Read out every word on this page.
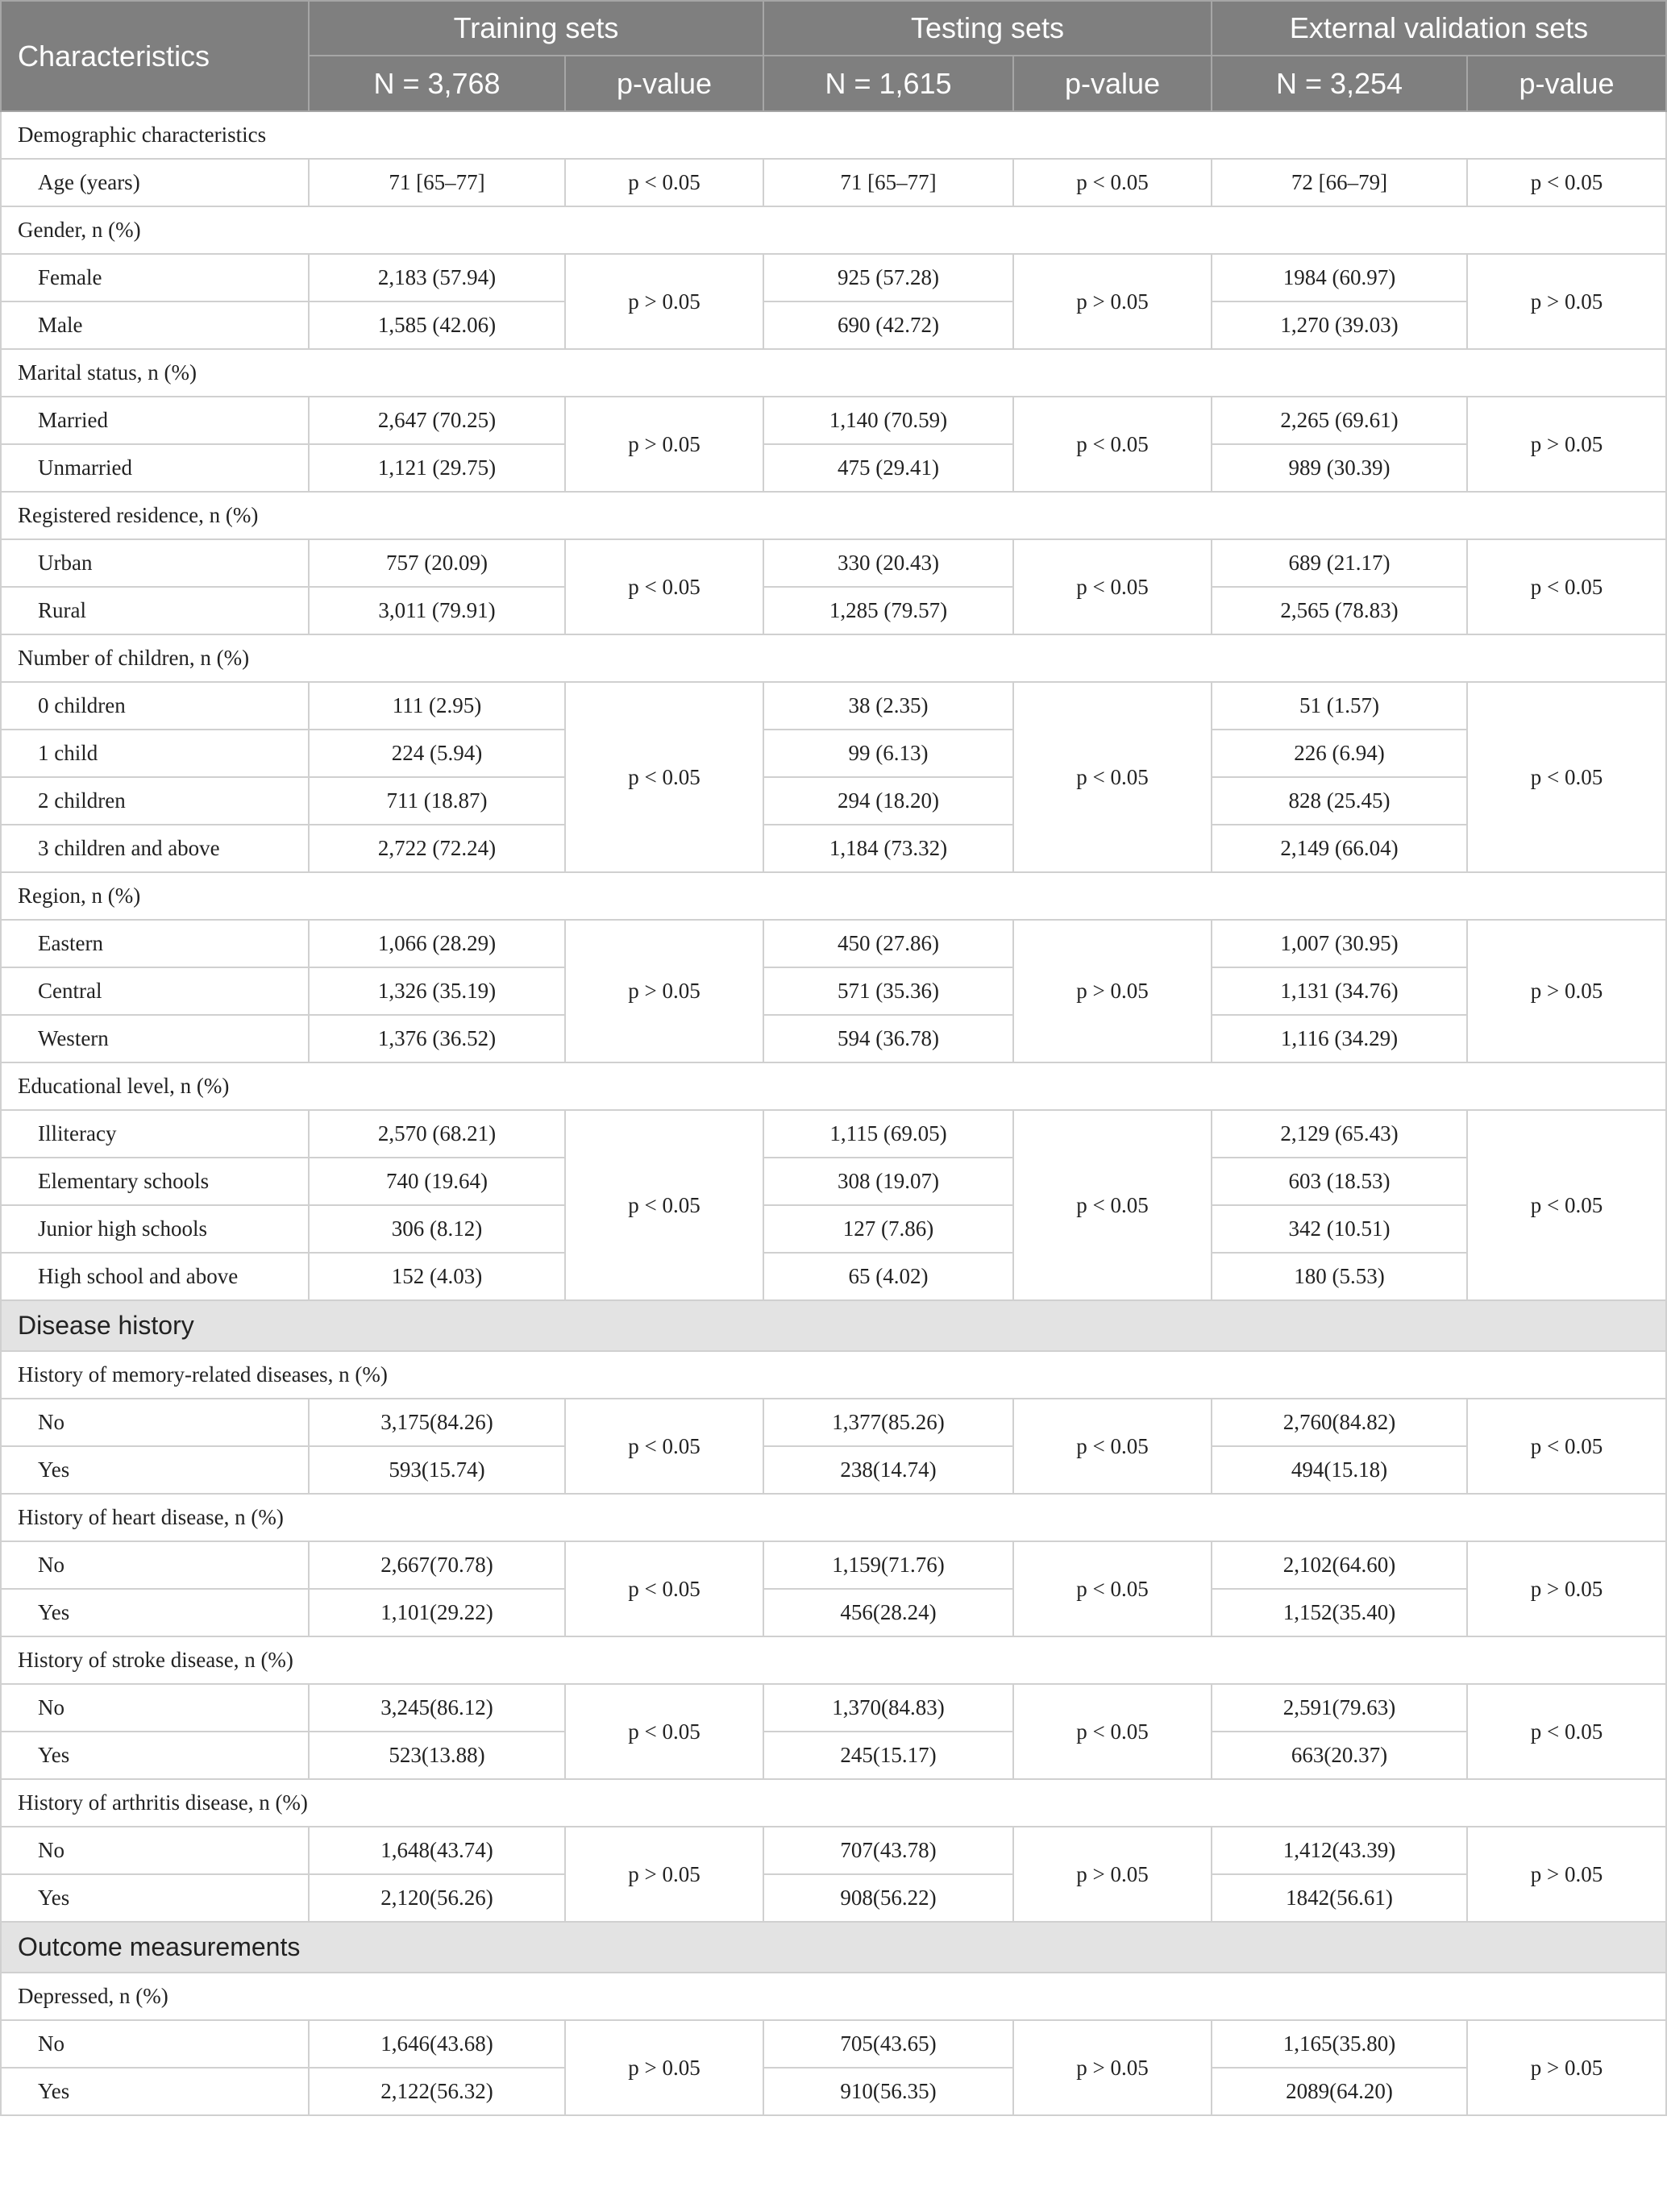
Characteristics	Training sets		Testing sets		External validation sets	
	N = 3,768	p-value	N = 1,615	p-value	N = 3,254	p-value
Demographic characteristics						
Age (years)	71 [65–77]	p < 0.05	71 [65–77]	p < 0.05	72 [66–79]	p < 0.05
Gender, n (%)						
Female	2,183 (57.94)	p > 0.05	925 (57.28)	p > 0.05	1984 (60.97)	p > 0.05
Male	1,585 (42.06)		690 (42.72)		1,270 (39.03)	
Marital status, n (%)						
Married	2,647 (70.25)	p > 0.05	1,140 (70.59)	p < 0.05	2,265 (69.61)	p > 0.05
Unmarried	1,121 (29.75)		475 (29.41)		989 (30.39)	
Registered residence, n (%)						
Urban	757 (20.09)	p < 0.05	330 (20.43)	p < 0.05	689 (21.17)	p < 0.05
Rural	3,011 (79.91)		1,285 (79.57)		2,565 (78.83)	
Number of children, n (%)						
0 children	111 (2.95)	p < 0.05	38 (2.35)	p < 0.05	51 (1.57)	p < 0.05
1 child	224 (5.94)		99 (6.13)		226 (6.94)	
2 children	711 (18.87)		294 (18.20)		828 (25.45)	
3 children and above	2,722 (72.24)		1,184 (73.32)		2,149 (66.04)	
Region, n (%)						
Eastern	1,066 (28.29)	p > 0.05	450 (27.86)	p > 0.05	1,007 (30.95)	p > 0.05
Central	1,326 (35.19)		571 (35.36)		1,131 (34.76)	
Western	1,376 (36.52)		594 (36.78)		1,116 (34.29)	
Educational level, n (%)						
Illiteracy	2,570 (68.21)	p < 0.05	1,115 (69.05)	p < 0.05	2,129 (65.43)	p < 0.05
Elementary schools	740 (19.64)		308 (19.07)		603 (18.53)	
Junior high schools	306 (8.12)		127 (7.86)		342 (10.51)	
High school and above	152 (4.03)		65 (4.02)		180 (5.53)	
Disease history						
History of memory-related diseases, n (%)						
No	3,175(84.26)	p < 0.05	1,377(85.26)	p < 0.05	2,760(84.82)	p < 0.05
Yes	593(15.74)		238(14.74)		494(15.18)	
History of heart disease, n (%)						
No	2,667(70.78)	p < 0.05	1,159(71.76)	p < 0.05	2,102(64.60)	p > 0.05
Yes	1,101(29.22)		456(28.24)		1,152(35.40)	
History of stroke disease, n (%)						
No	3,245(86.12)	p < 0.05	1,370(84.83)	p < 0.05	2,591(79.63)	p < 0.05
Yes	523(13.88)		245(15.17)		663(20.37)	
History of arthritis disease, n (%)						
No	1,648(43.74)	p > 0.05	707(43.78)	p > 0.05	1,412(43.39)	p > 0.05
Yes	2,120(56.26)		908(56.22)		1842(56.61)	
Outcome measurements						
Depressed, n (%)						
No	1,646(43.68)	p > 0.05	705(43.65)	p > 0.05	1,165(35.80)	p > 0.05
Yes	2,122(56.32)		910(56.35)		2089(64.20)	
